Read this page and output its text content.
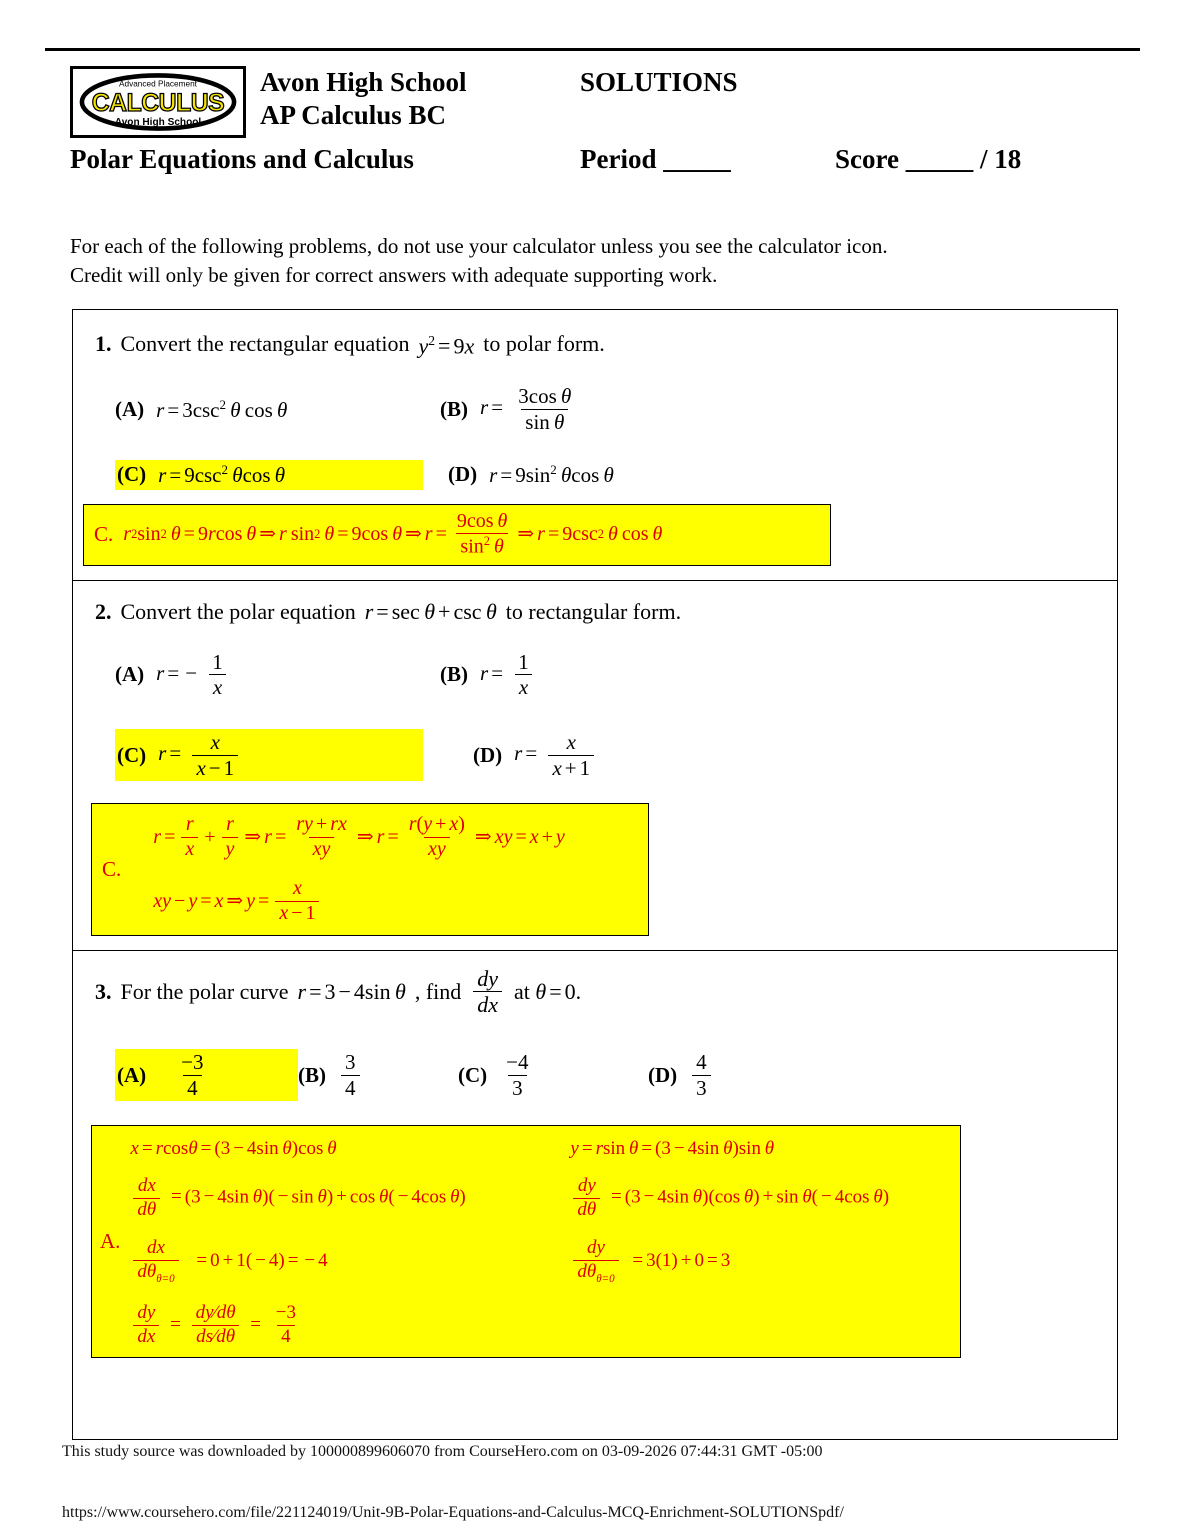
Advanced Placement
CALCULUS
Avon High School
Avon High School
AP Calculus BC
SOLUTIONS
Polar Equations and Calculus	Period _____	Score _____ / 18
For each of the following problems, do not use your calculator unless you see the calculator icon.
Credit will only be given for correct answers with adequate supporting work.
1. Convert the rectangular equation $y^2 = 9x$ to polar form.
(A) $r = 3\csc^2$  θ  cos  θ	(B) $r = \frac{\text{3cos  θ}}{\text{sin  θ}}$
(C) $r = 9\csc^2$  θcos  θ	(D) $r = 9\sin^2$  θcos  θ
C. r 2 sin 2
  θ = 9 r cos
  θ ⇒ r
  sin 2
  θ = 9cos
  θ ⇒ $r = \frac{\text{9cos  θ}}{\sin^2 \theta}$ ⇒ r = 9csc 2
  θ
  cos
  θ
2. Convert the polar equation r = sec  θ + csc  θ to rectangular form.
(A) r = − $\frac{1}{x}$	(B) $r = \frac{1}{x}$
(C) $r = \frac{x}{x - 1}$	(D) $r = \frac{x}{x + 1}$
C.
$r = \frac{r}{x} + \frac{r}{y}$ ⇒ $r = \frac{ry + rx}{xy}$ ⇒ $r = \frac{r(y + x)}{xy}$ ⇒ xy = x + y
xy − y = x ⇒ $y = \frac{x}{x - 1}$
3. For the polar curve r = 3 − 4sin  θ , find $\frac{dy}{dx}$ at θ = 0.
$(A) \frac{-3}{4}$	$(B) \frac{3}{4}$	$(C) \frac{-4}{3}$	$(D) \frac{4}{3}$
A.
x = rcosθ = (3 − 4sin  θ)cos  θ	y = rsin  θ = (3 − 4sin  θ)sin  θ
$\frac{dx}{d\theta} = (3 - 4\sin$  θ)( − sin  θ) + cos  θ( − 4cos  θ)	$\frac{dy}{d\theta} = (3 - 4\sin$  θ)(cos  θ) + sin  θ( − 4cos  θ)
$\frac{dx}{d\theta_{\theta=0}} = 0 + 1( - 4)$ = − 4	$\frac{dy}{d\theta_{\theta=0}} = 3(1) + 0 = 3$
$\frac{dy}{dx} = \frac{dy⁄d\theta}{ds⁄d\theta} = \frac{-3}{4}$
This study source was downloaded by 100000899606070 from CourseHero.com on 03-09-2026 07:44:31 GMT -05:00
https://www.coursehero.com/file/221124019/Unit-9B-Polar-Equations-and-Calculus-MCQ-Enrichment-SOLUTIONSpdf/
